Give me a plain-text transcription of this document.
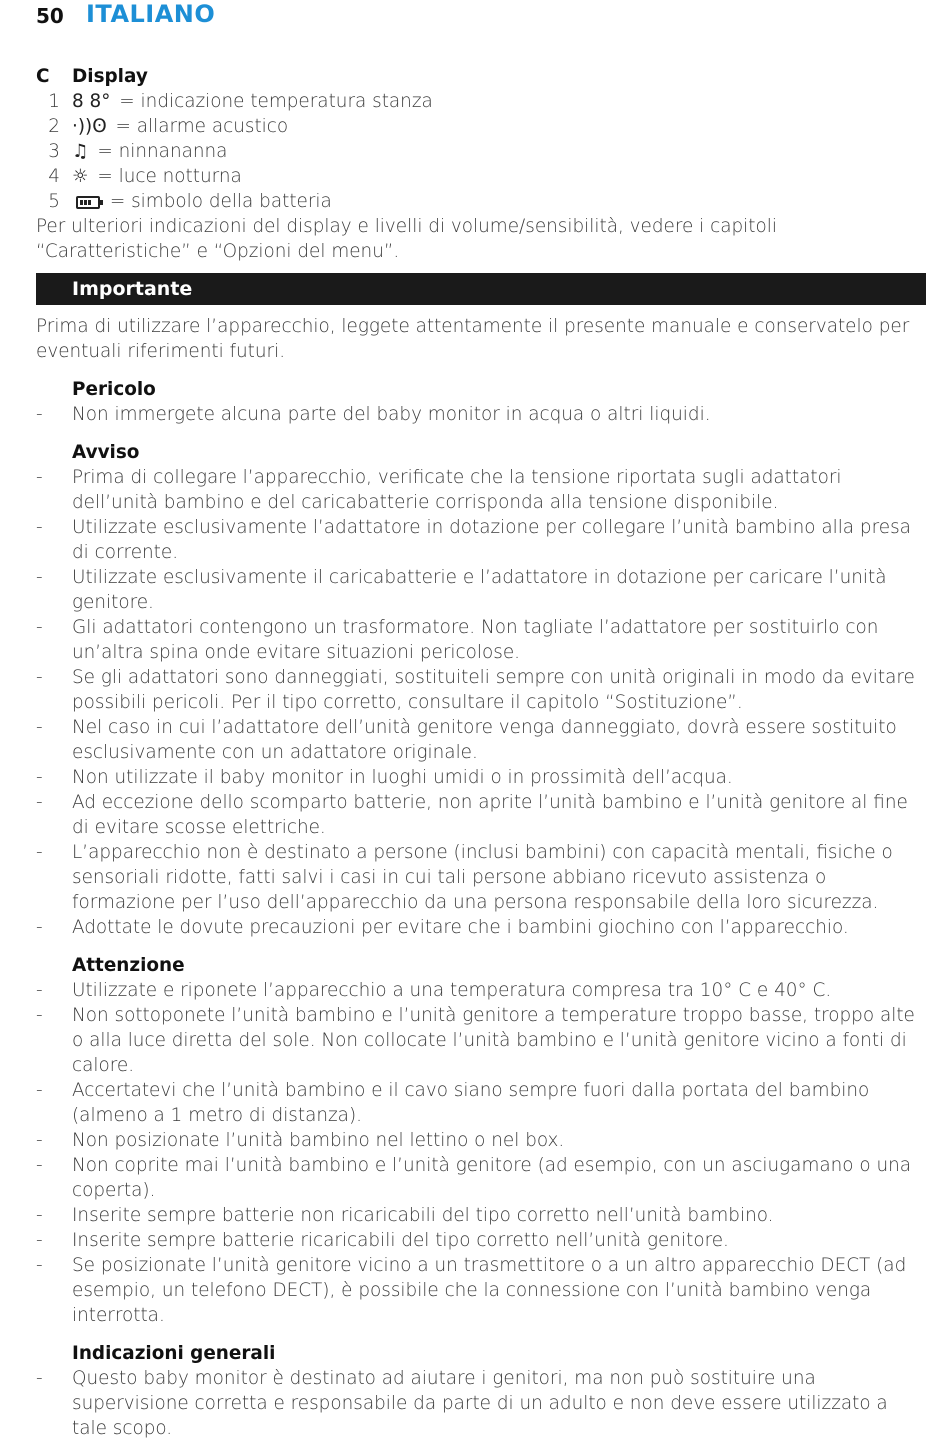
50 ITALIANO
C Display
1 8 8° = indicazione temperatura stanza
2 ·))ʘ = allarme acustico
3 ♫ = ninnananna
4 ☼ = luce notturna
5 = simbolo della batteria

Per ulteriori indicazioni del display e livelli di volume/sensibilità, vedere i capitoli “Caratteristiche” e “Opzioni del menu”.

Importante

Prima di utilizzare l’apparecchio, leggete attentamente il presente manuale e conservatelo per eventuali riferimenti futuri.

Pericolo
- Non immergete alcuna parte del baby monitor in acqua o altri liquidi.
Avviso
- Prima di collegare l’apparecchio, verificate che la tensione riportata sugli adattatori dell’unità bambino e del caricabatterie corrisponda alla tensione disponibile.
- Utilizzate esclusivamente l’adattatore in dotazione per collegare l’unità bambino alla presa di corrente.
- Utilizzate esclusivamente il caricabatterie e l’adattatore in dotazione per caricare l’unità genitore.
- Gli adattatori contengono un trasformatore. Non tagliate l’adattatore per sostituirlo con un’altra spina onde evitare situazioni pericolose.
- Se gli adattatori sono danneggiati, sostituiteli sempre con unità originali in modo da evitare possibili pericoli. Per il tipo corretto, consultare il capitolo “Sostituzione”.
- Nel caso in cui l’adattatore dell’unità genitore venga danneggiato, dovrà essere sostituito esclusivamente con un adattatore originale.
- Non utilizzate il baby monitor in luoghi umidi o in prossimità dell’acqua.
- Ad eccezione dello scomparto batterie, non aprite l’unità bambino e l’unità genitore al fine di evitare scosse elettriche.
- L’apparecchio non è destinato a persone (inclusi bambini) con capacità mentali, fisiche o sensoriali ridotte, fatti salvi i casi in cui tali persone abbiano ricevuto assistenza o formazione per l’uso dell’apparecchio da una persona responsabile della loro sicurezza.
- Adottate le dovute precauzioni per evitare che i bambini giochino con l’apparecchio.
Attenzione
- Utilizzate e riponete l’apparecchio a una temperatura compresa tra 10° C e 40° C.
- Non sottoponete l’unità bambino e l’unità genitore a temperature troppo basse, troppo alte o alla luce diretta del sole. Non collocate l’unità bambino e l’unità genitore vicino a fonti di calore.
- Accertatevi che l’unità bambino e il cavo siano sempre fuori dalla portata del bambino (almeno a 1 metro di distanza).
- Non posizionate l’unità bambino nel lettino o nel box.
- Non coprite mai l’unità bambino e l’unità genitore (ad esempio, con un asciugamano o una coperta).
- Inserite sempre batterie non ricaricabili del tipo corretto nell’unità bambino.
- Inserite sempre batterie ricaricabili del tipo corretto nell’unità genitore.
- Se posizionate l’unità genitore vicino a un trasmettitore o a un altro apparecchio DECT (ad esempio, un telefono DECT), è possibile che la connessione con l’unità bambino venga interrotta.
Indicazioni generali
- Questo baby monitor è destinato ad aiutare i genitori, ma non può sostituire una supervisione corretta e responsabile da parte di un adulto e non deve essere utilizzato a tale scopo.
